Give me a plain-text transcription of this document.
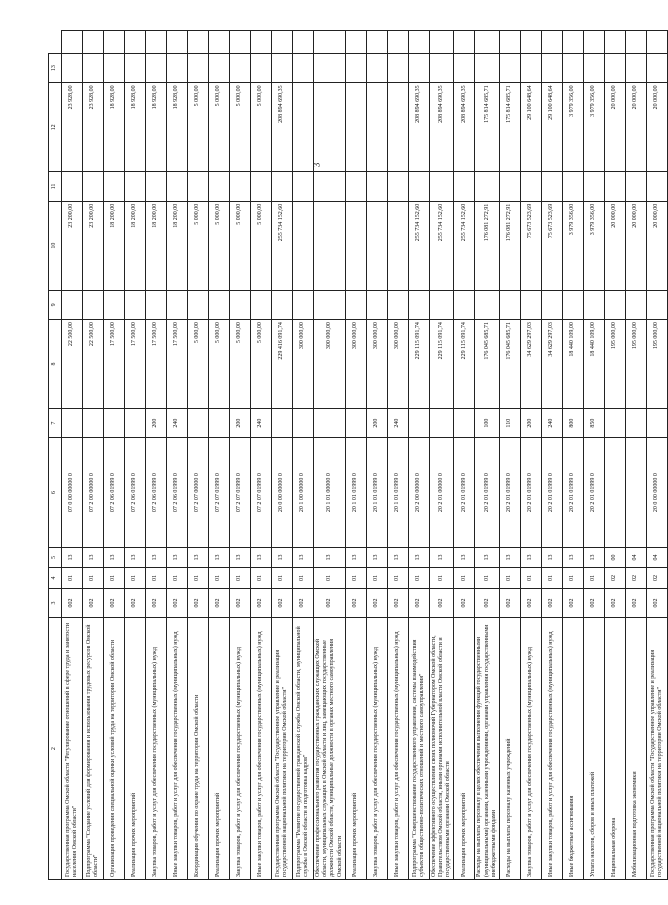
3
2	3	4	5	6	7	8	9	10	11	12	13	
Государственная программа Омской области "Регулирование отношений в сфере труда и занятости населения Омской области"	002	01	13	07 0 00 00000 0		22 500,00		23 200,00		23 928,00		
Подпрограмма "Создание условий для формирования и использования трудовых ресурсов Омской области"	002	01	13	07 2 00 00000 0		22 500,00		23 200,00		23 928,00		
Организация проведения специальной оценки условий труда на территории Омской области	002	01	13	07 2 06 01999 0		17 500,00		18 200,00		18 928,00		
Реализация прочих мероприятий	002	01	13	07 2 06 01999 0		17 500,00		18 200,00		18 928,00		
Закупка товаров, работ и услуг для обеспечения государственных (муниципальных) нужд	002	01	13	07 2 06 01999 0	200	17 500,00		18 200,00		18 928,00		
Иные закупки товаров, работ и услуг для обеспечения государственных (муниципальных) нужд	002	01	13	07 2 06 01999 0	240	17 500,00		18 200,00		18 928,00		
Координация обучения по охране труда на территории Омской области	002	01	13	07 2 07 00000 0		5 000,00		5 000,00		5 000,00		
Реализация прочих мероприятий	002	01	13	07 2 07 01999 0		5 000,00		5 000,00		5 000,00		
Закупка товаров, работ и услуг для обеспечения государственных (муниципальных) нужд	002	01	13	07 2 07 01999 0	200	5 000,00		5 000,00		5 000,00		
Иные закупки товаров, работ и услуг для обеспечения государственных (муниципальных) нужд	002	01	13	07 2 07 01999 0	240	5 000,00		5 000,00		5 000,00		
Государственная программа Омской области "Государственное управление и реализация государственной национальной политики на территории Омской области"	002	01	13	20 0 00 00000 0		229 416 091,74		255 734 152,60		208 894 690,35		
Подпрограмма "Развитие государственной гражданской службы Омской области, муниципальной службы в Омской области и подготовка кадров"	002	01	13	20 1 00 00000 0		300 000,00						
Обеспечение профессионального развития государственных гражданских служащих Омской области, муниципальных служащих в Омской области и лиц, замещающих государственные должности Омской области, муниципальные должности в органах местного самоуправления Омской области	002	01	13	20 1 01 00000 0		300 000,00						
Реализация прочих мероприятий	002	01	13	20 1 01 01999 0		300 000,00						
Закупка товаров, работ и услуг для обеспечения государственных (муниципальных) нужд	002	01	13	20 1 01 01999 0	200	300 000,00						
Иные закупки товаров, работ и услуг для обеспечения государственных (муниципальных) нужд	002	01	13	20 1 01 01999 0	240	300 000,00						
Подпрограмма "Совершенствование государственного управления, системы взаимодействия субъектов общественно-политических отношений и местного самоуправления"	002	01	13	20 2 00 00000 0		229 115 091,74		255 734 152,60		208 894 690,35		
Обеспечение эффективного осуществления своих полномочий Губернатором Омской области, Правительством Омской области, иными органами исполнительной власти Омской области и государственными органами Омской области	002	01	13	20 2 01 00000 0		229 115 091,74		255 734 152,60		208 894 690,35		
Реализация прочих мероприятий	002	01	13	20 2 01 01999 0		229 115 091,74		255 734 152,60		208 894 690,35		
Расходы на выплаты персоналу в целях обеспечения выполнения функций государственными (муниципальными) органами, казенными учреждениями, органами управления государственными внебюджетными фондами	002	01	13	20 2 01 01999 0	100	176 045 685,71		176 081 272,91		175 814 685,71		
Расходы на выплаты персоналу казенных учреждений	002	01	13	20 2 01 01999 0	110	176 045 685,71		176 081 272,91		175 814 685,71		
Закупка товаров, работ и услуг для обеспечения государственных (муниципальных) нужд	002	01	13	20 2 01 01999 0	200	34 629 297,03		75 673 523,69		29 100 648,64		
Иные закупки товаров, работ и услуг для обеспечения государственных (муниципальных) нужд	002	01	13	20 2 01 01999 0	240	34 629 297,03		75 673 523,69		29 100 648,64		
Иные бюджетные ассигнования	002	01	13	20 2 01 01999 0	800	18 440 109,00		3 979 356,00		3 979 356,00		
Уплата налогов, сборов и иных платежей	002	01	13	20 2 01 01999 0	850	18 440 109,00		3 979 356,00		3 979 356,00		
Национальная оборона	002	02	00			195 000,00		20 000,00		20 000,00		
Мобилизационная подготовка экономики	002	02	04			195 000,00		20 000,00		20 000,00		
Государственная программа Омской области "Государственное управление и реализация государственной национальной политики на территории Омской области"	002	02	04	20 0 00 00000 0		195 000,00		20 000,00		20 000,00		
